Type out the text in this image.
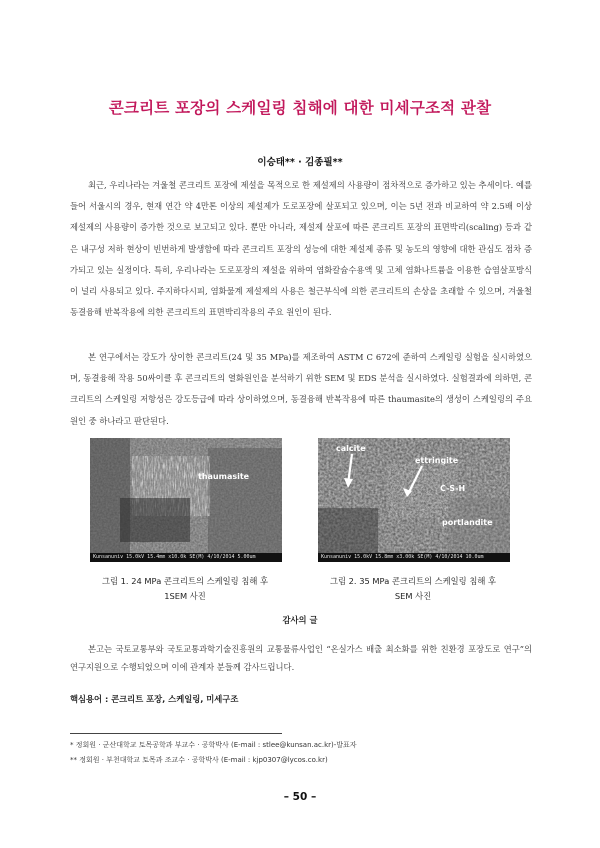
콘크리트 포장의 스케일링 침해에 대한 미세구조적 관찰
이승태** · 김종필**
최근, 우리나라는 겨울철 콘크리트 포장에 제설을 목적으로 한 제설제의 사용량이 점차적으로 증가하고 있는 추세이다. 예를 들어 서울시의 경우, 현재 연간 약 4만톤 이상의 제설제가 도로포장에 살포되고 있으며, 이는 5년 전과 비교하여 약 2.5배 이상 제설제의 사용량이 증가한 것으로 보고되고 있다. 뿐만 아니라, 제설제 살포에 따른 콘크리트 포장의 표면박리(scaling) 등과 같은 내구성 저하 현상이 빈번하게 발생함에 따라 콘크리트 포장의 성능에 대한 제설제 종류 및 농도의 영향에 대한 관심도 점차 증가되고 있는 실정이다. 특히, 우리나라는 도로포장의 제설을 위하여 염화칼슘수용액 및 고체 염화나트륨을 이용한 습염살포방식이 널리 사용되고 있다. 주지하다시피, 염화물계 제설제의 사용은 철근부식에 의한 콘크리트의 손상을 초래할 수 있으며, 겨울철 동결융해 반복작용에 의한 콘크리트의 표면박리작용의 주요 원인이 된다.
본 연구에서는 강도가 상이한 콘크리트(24 및 35 MPa)를 제조하여 ASTM C 672에 준하여 스케일링 실험을 실시하였으며, 동결융해 작용 50싸이클 후 콘크리트의 열화원인을 분석하기 위한 SEM 및 EDS 분석을 실시하였다. 실험결과에 의하면, 콘크리트의 스케일링 저항성은 강도등급에 따라 상이하였으며, 동결융해 반복작용에 따른 thaumasite의 생성이 스케일링의 주요 원인 중 하나라고 판단된다.
thaumasite
Kunsanuniv 15.0kV 15.4mm x10.0k SE(M) 4/10/2014 5.00um
calcite
ettringite
C-S-H
portlandite
Kunsanuniv 15.0kV 15.8mm x3.00k SE(M) 4/10/2014 10.0um
그림 1. 24 MPa 콘크리트의 스케일링 침해 후
1SEM 사진
그림 2. 35 MPa 콘크리트의 스케일링 침해 후
SEM 사진
감사의 글
본고는 국토교통부와 국토교통과학기술진흥원의 교통물류사업인 “온실가스 배출 최소화를 위한 친환경 포장도로 연구”의 연구지원으로 수행되었으며 이에 관계자 분들께 감사드립니다.
핵심용어 : 콘크리트 포장, 스케일링, 미세구조
* 정회원 · 군산대학교 토목공학과 부교수 · 공학박사 (E-mail : stlee@kunsan.ac.kr)-발표자
** 정회원 · 부천대학교 토목과 조교수 · 공학박사 (E-mail : kjp0307@lycos.co.kr)
– 50 –
